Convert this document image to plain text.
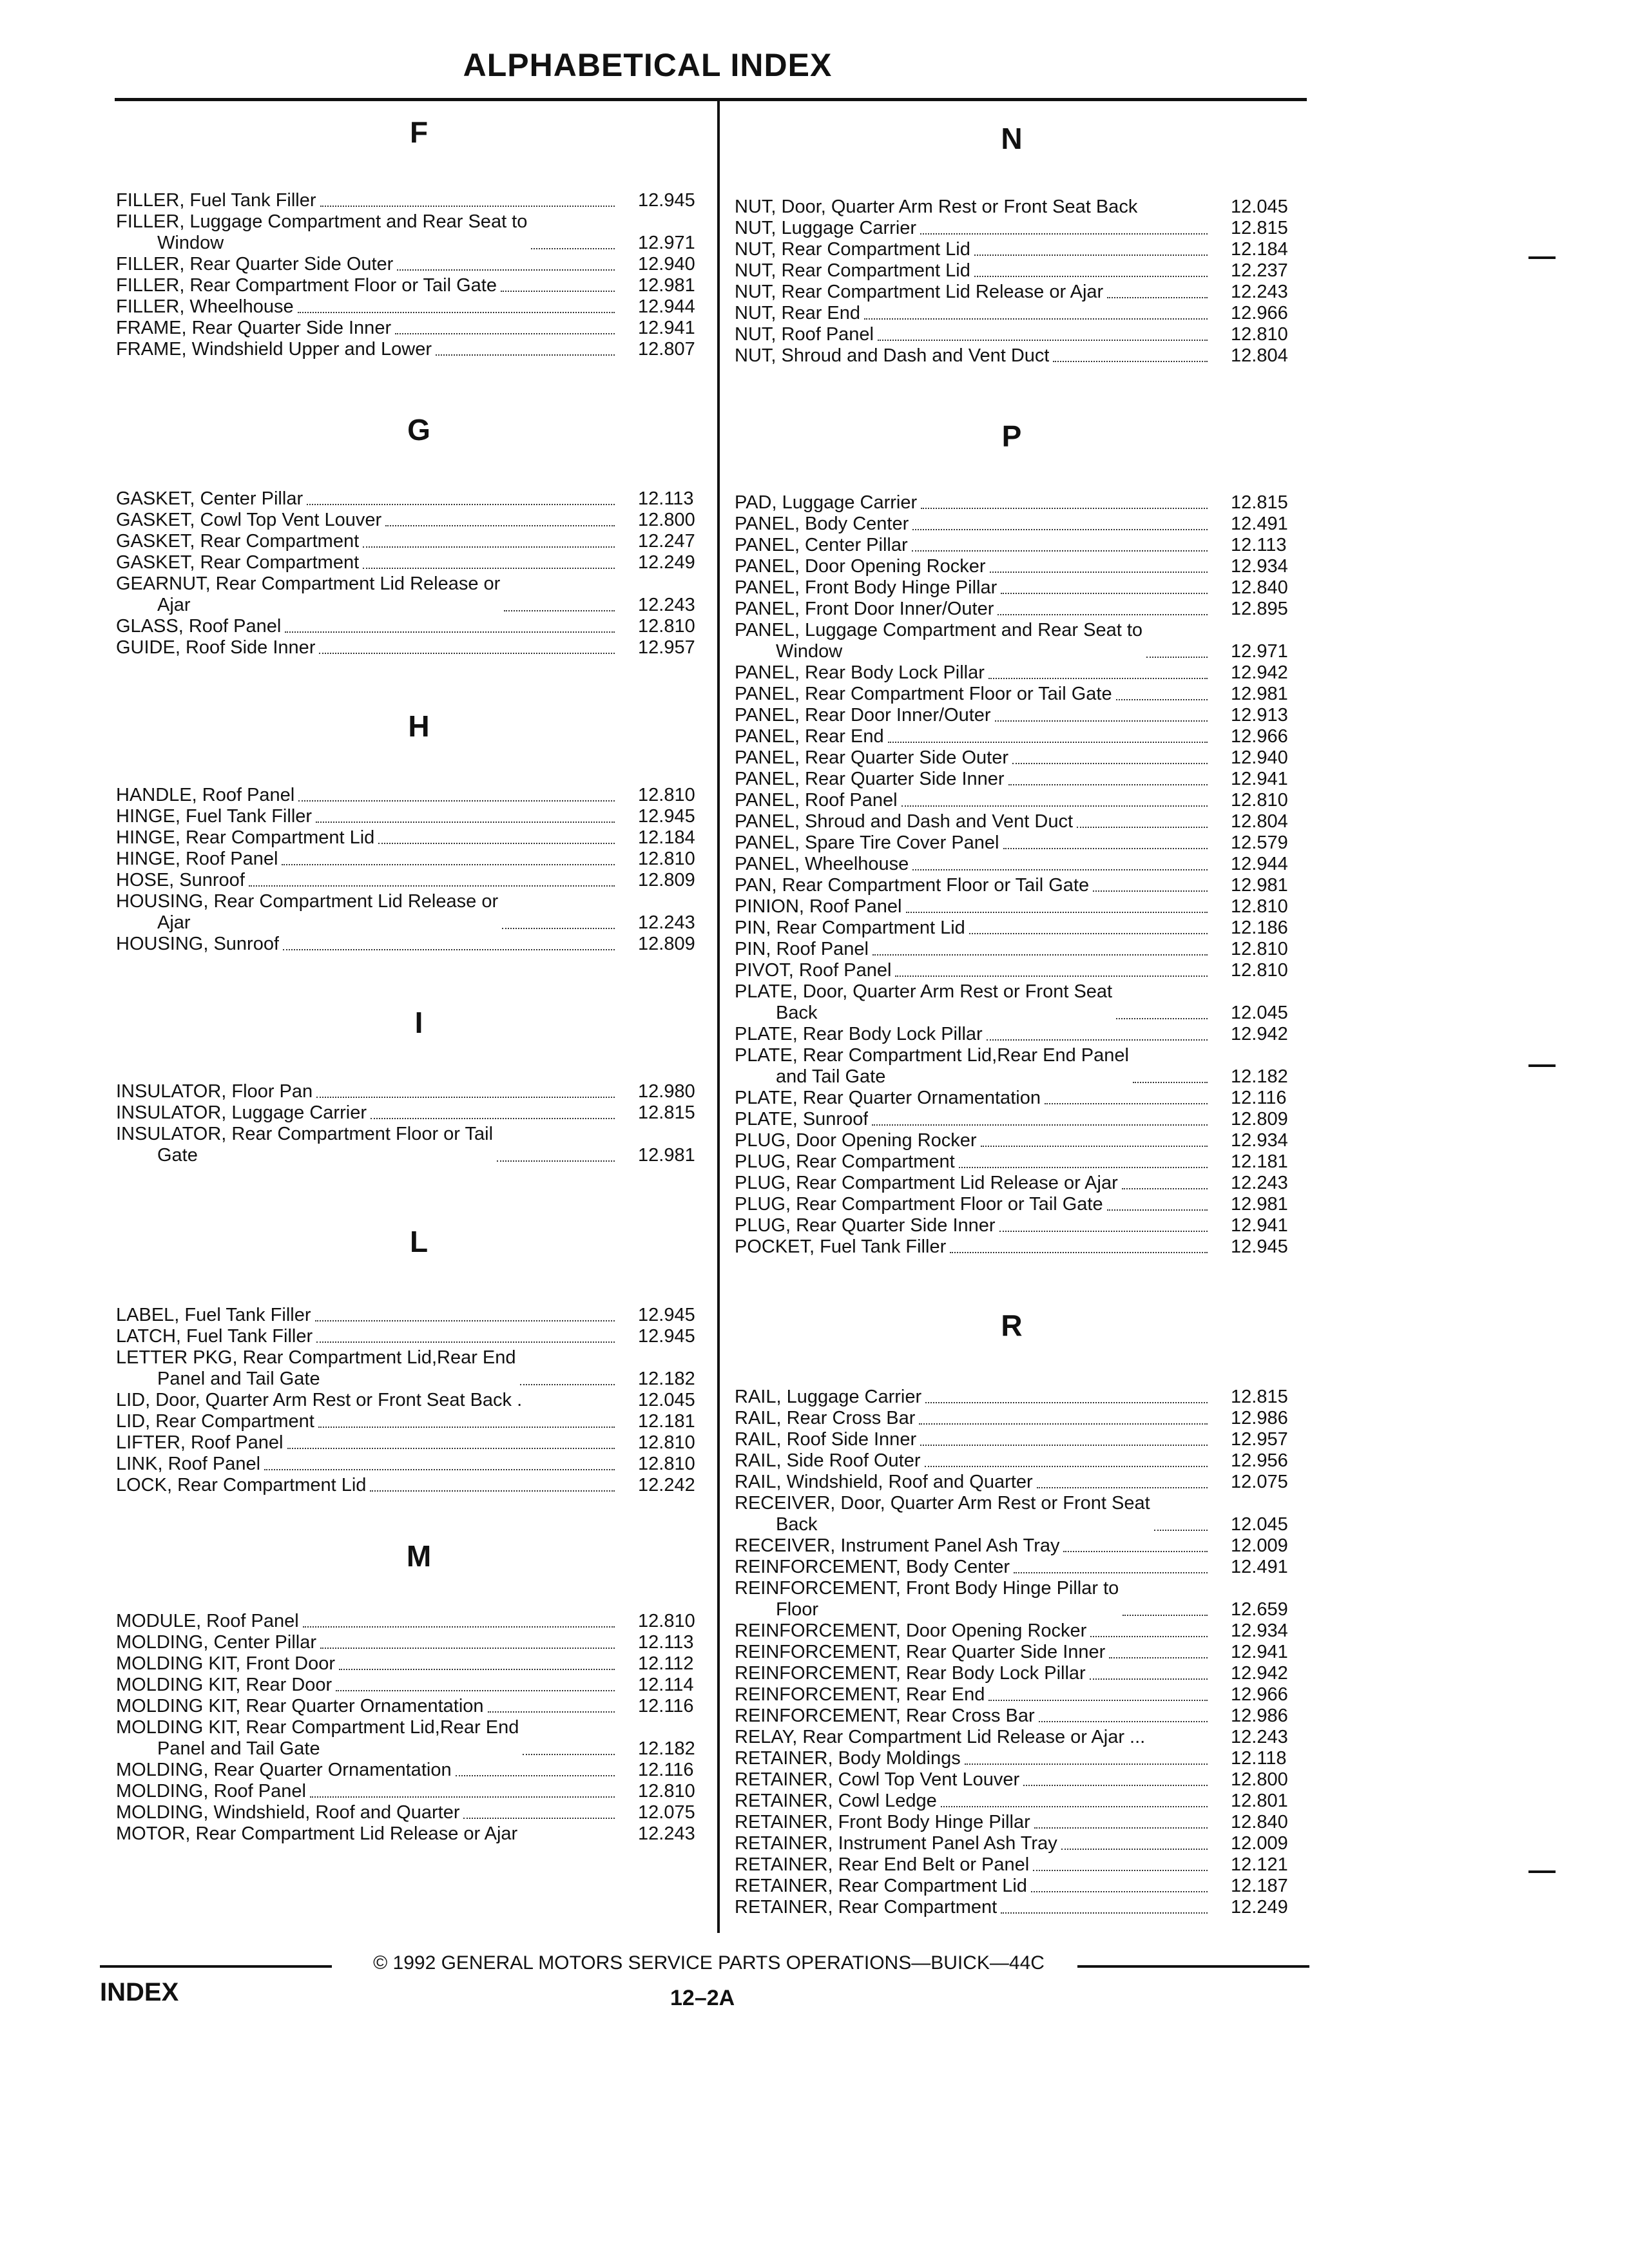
ALPHABETICAL INDEX
F
FILLER, Fuel Tank Filler	12.945
FILLER, Luggage Compartment and Rear Seat to
Window	12.971
FILLER, Rear Quarter Side Outer	12.940
FILLER, Rear Compartment Floor or Tail Gate	12.981
FILLER, Wheelhouse	12.944
FRAME, Rear Quarter Side Inner	12.941
FRAME, Windshield Upper and Lower	12.807
G
GASKET, Center Pillar	12.113
GASKET, Cowl Top Vent Louver	12.800
GASKET, Rear Compartment	12.247
GASKET, Rear Compartment	12.249
GEARNUT, Rear Compartment Lid Release or
Ajar	12.243
GLASS, Roof Panel	12.810
GUIDE, Roof Side Inner	12.957
H
HANDLE, Roof Panel	12.810
HINGE, Fuel Tank Filler	12.945
HINGE, Rear Compartment Lid	12.184
HINGE, Roof Panel	12.810
HOSE, Sunroof	12.809
HOUSING, Rear Compartment Lid Release or
Ajar	12.243
HOUSING, Sunroof	12.809
I
INSULATOR, Floor Pan	12.980
INSULATOR, Luggage Carrier	12.815
INSULATOR, Rear Compartment Floor or Tail
Gate	12.981
L
LABEL, Fuel Tank Filler	12.945
LATCH, Fuel Tank Filler	12.945
LETTER PKG, Rear Compartment Lid,Rear End
Panel and Tail Gate	12.182
LID, Door, Quarter Arm Rest or Front Seat Back .	12.045
LID, Rear Compartment	12.181
LIFTER, Roof Panel	12.810
LINK, Roof Panel	12.810
LOCK, Rear Compartment Lid	12.242
M
MODULE, Roof Panel	12.810
MOLDING, Center Pillar	12.113
MOLDING KIT, Front Door	12.112
MOLDING KIT, Rear Door	12.114
MOLDING KIT, Rear Quarter Ornamentation	12.116
MOLDING KIT, Rear Compartment Lid,Rear End
Panel and Tail Gate	12.182
MOLDING, Rear Quarter Ornamentation	12.116
MOLDING, Roof Panel	12.810
MOLDING, Windshield, Roof and Quarter	12.075
MOTOR, Rear Compartment Lid Release or Ajar	12.243
N
NUT, Door, Quarter Arm Rest or Front Seat Back	12.045
NUT, Luggage Carrier	12.815
NUT, Rear Compartment Lid	12.184
NUT, Rear Compartment Lid	12.237
NUT, Rear Compartment Lid Release or Ajar	12.243
NUT, Rear End	12.966
NUT, Roof Panel	12.810
NUT, Shroud and Dash and Vent Duct	12.804
P
PAD, Luggage Carrier	12.815
PANEL, Body Center	12.491
PANEL, Center Pillar	12.113
PANEL, Door Opening Rocker	12.934
PANEL, Front Body Hinge Pillar	12.840
PANEL, Front Door Inner/Outer	12.895
PANEL, Luggage Compartment and Rear Seat to
Window	12.971
PANEL, Rear Body Lock Pillar	12.942
PANEL, Rear Compartment Floor or Tail Gate	12.981
PANEL, Rear Door Inner/Outer	12.913
PANEL, Rear End	12.966
PANEL, Rear Quarter Side Outer	12.940
PANEL, Rear Quarter Side Inner	12.941
PANEL, Roof Panel	12.810
PANEL, Shroud and Dash and Vent Duct	12.804
PANEL, Spare Tire Cover Panel	12.579
PANEL, Wheelhouse	12.944
PAN, Rear Compartment Floor or Tail Gate	12.981
PINION, Roof Panel	12.810
PIN, Rear Compartment Lid	12.186
PIN, Roof Panel	12.810
PIVOT, Roof Panel	12.810
PLATE, Door, Quarter Arm Rest or Front Seat
Back	12.045
PLATE, Rear Body Lock Pillar	12.942
PLATE, Rear Compartment Lid,Rear End Panel
and Tail Gate	12.182
PLATE, Rear Quarter Ornamentation	12.116
PLATE, Sunroof	12.809
PLUG, Door Opening Rocker	12.934
PLUG, Rear Compartment	12.181
PLUG, Rear Compartment Lid Release or Ajar	12.243
PLUG, Rear Compartment Floor or Tail Gate	12.981
PLUG, Rear Quarter Side Inner	12.941
POCKET, Fuel Tank Filler	12.945
R
RAIL, Luggage Carrier	12.815
RAIL, Rear Cross Bar	12.986
RAIL, Roof Side Inner	12.957
RAIL, Side Roof Outer	12.956
RAIL, Windshield, Roof and Quarter	12.075
RECEIVER, Door, Quarter Arm Rest or Front Seat
Back	12.045
RECEIVER, Instrument Panel Ash Tray	12.009
REINFORCEMENT, Body Center	12.491
REINFORCEMENT, Front Body Hinge Pillar to
Floor	12.659
REINFORCEMENT, Door Opening Rocker	12.934
REINFORCEMENT, Rear Quarter Side Inner	12.941
REINFORCEMENT, Rear Body Lock Pillar	12.942
REINFORCEMENT, Rear End	12.966
REINFORCEMENT, Rear Cross Bar	12.986
RELAY, Rear Compartment Lid Release or Ajar ...	12.243
RETAINER, Body Moldings	12.118
RETAINER, Cowl Top Vent Louver	12.800
RETAINER, Cowl Ledge	12.801
RETAINER, Front Body Hinge Pillar	12.840
RETAINER, Instrument Panel Ash Tray	12.009
RETAINER, Rear End Belt or Panel	12.121
RETAINER, Rear Compartment Lid	12.187
RETAINER, Rear Compartment	12.249
© 1992 GENERAL MOTORS SERVICE PARTS OPERATIONS—BUICK—44C
INDEX	12–2A
